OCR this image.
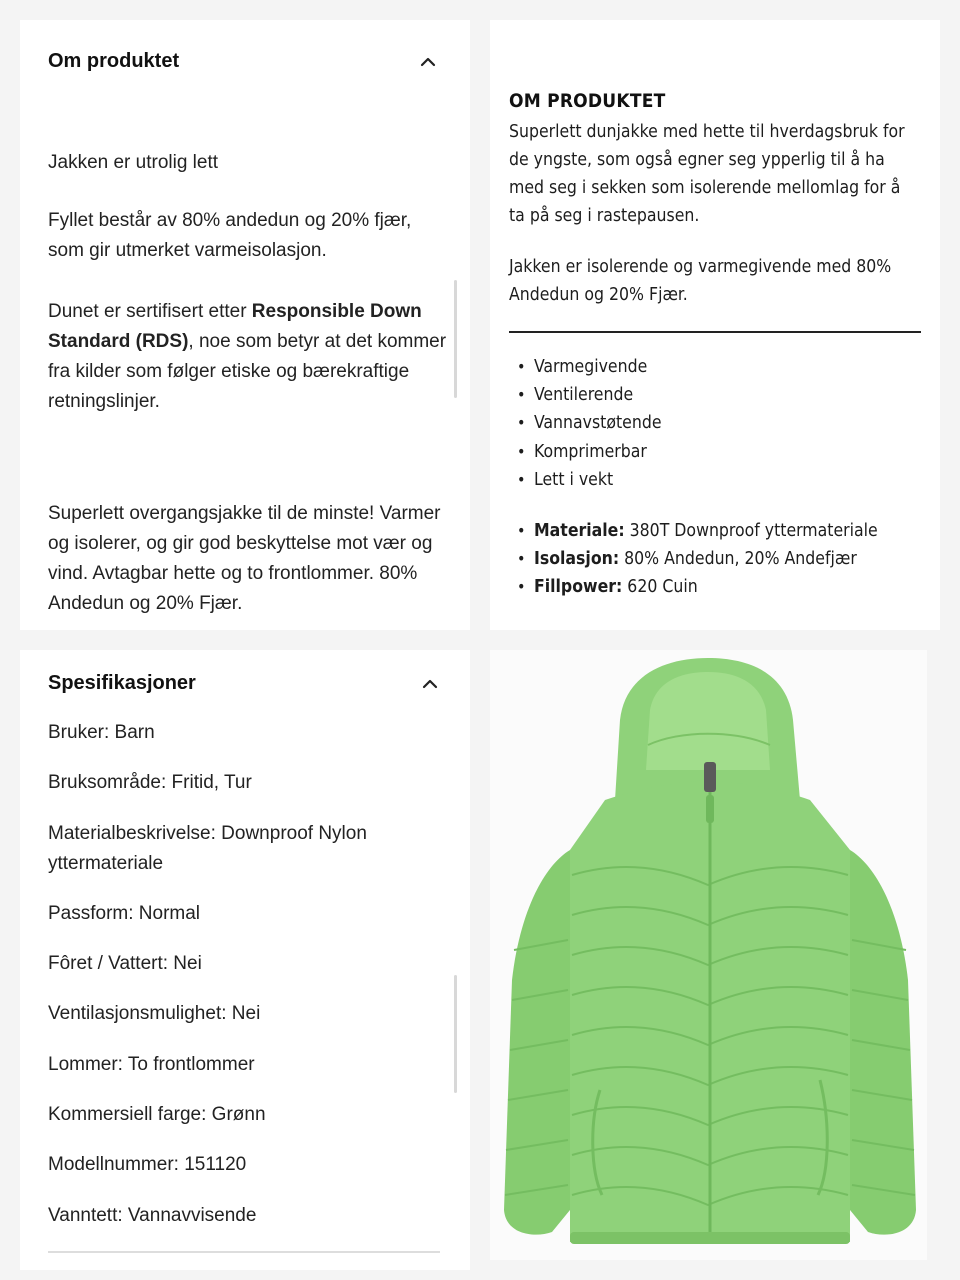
Om produktet
Jakken er utrolig lett
Fyllet består av 80% andedun og 20% fjær, som gir utmerket varmeisolasjon.
Dunet er sertifisert etter Responsible Down Standard (RDS), noe som betyr at det kommer fra kilder som følger etiske og bærekraftige retningslinjer.
Superlett overgangsjakke til de minste! Varmer og isolerer, og gir god beskyttelse mot vær og vind. Avtagbar hette og to frontlommer. 80% Andedun og 20% Fjær.
OM PRODUKTET
Superlett dunjakke med hette til hverdagsbruk for de yngste, som også egner seg ypperlig til å ha med seg i sekken som isolerende mellomlag for å ta på seg i rastepausen.
Jakken er isolerende og varmegivende med 80% Andedun og 20% Fjær.
• Varmegivende
• Ventilerende
• Vannavstøtende
• Komprimerbar
• Lett i vekt
• Materiale: 380T Downproof yttermateriale
• Isolasjon: 80% Andedun, 20% Andefjær
• Fillpower: 620 Cuin
Spesifikasjoner
Bruker: Barn
Bruksområde: Fritid, Tur
Materialbeskrivelse: Downproof Nylon yttermateriale
Passform: Normal
Fôret / Vattert: Nei
Ventilasjonsmulighet: Nei
Lommer: To frontlommer
Kommersiell farge: Grønn
Modellnummer: 151120
Vanntett: Vannavvisende
